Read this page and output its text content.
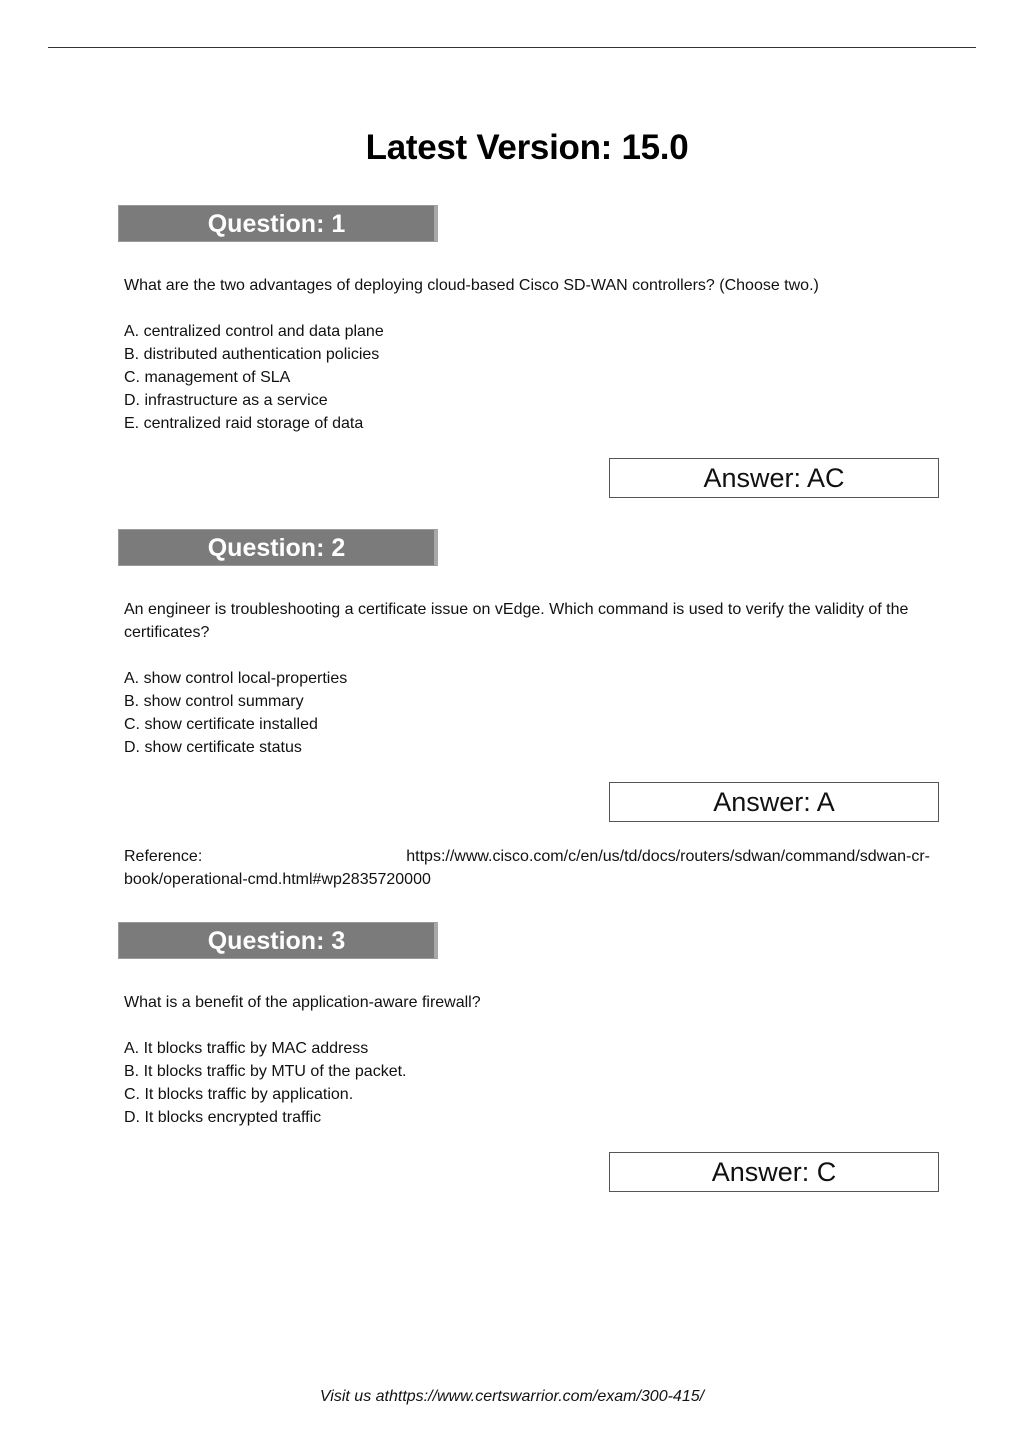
Latest Version: 15.0
Question: 1
What are the two advantages of deploying cloud-based Cisco SD-WAN controllers? (Choose two.)
A. centralized control and data plane
B. distributed authentication policies
C. management of SLA
D. infrastructure as a service
E. centralized raid storage of data
Answer: AC
Question: 2
An engineer is troubleshooting a certificate issue on vEdge. Which command is used to verify the validity of the certificates?
A. show control local-properties
B. show control summary
C. show certificate installed
D. show certificate status
Answer: A
Reference:	https://www.cisco.com/c/en/us/td/docs/routers/sdwan/command/sdwan-cr-
book/operational-cmd.html#wp2835720000
Question: 3
What is a benefit of the application-aware firewall?
A. It blocks traffic by MAC address
B. It blocks traffic by MTU of the packet.
C. It blocks traffic by application.
D. It blocks encrypted traffic
Answer: C
Visit us athttps://www.certswarrior.com/exam/300-415/
